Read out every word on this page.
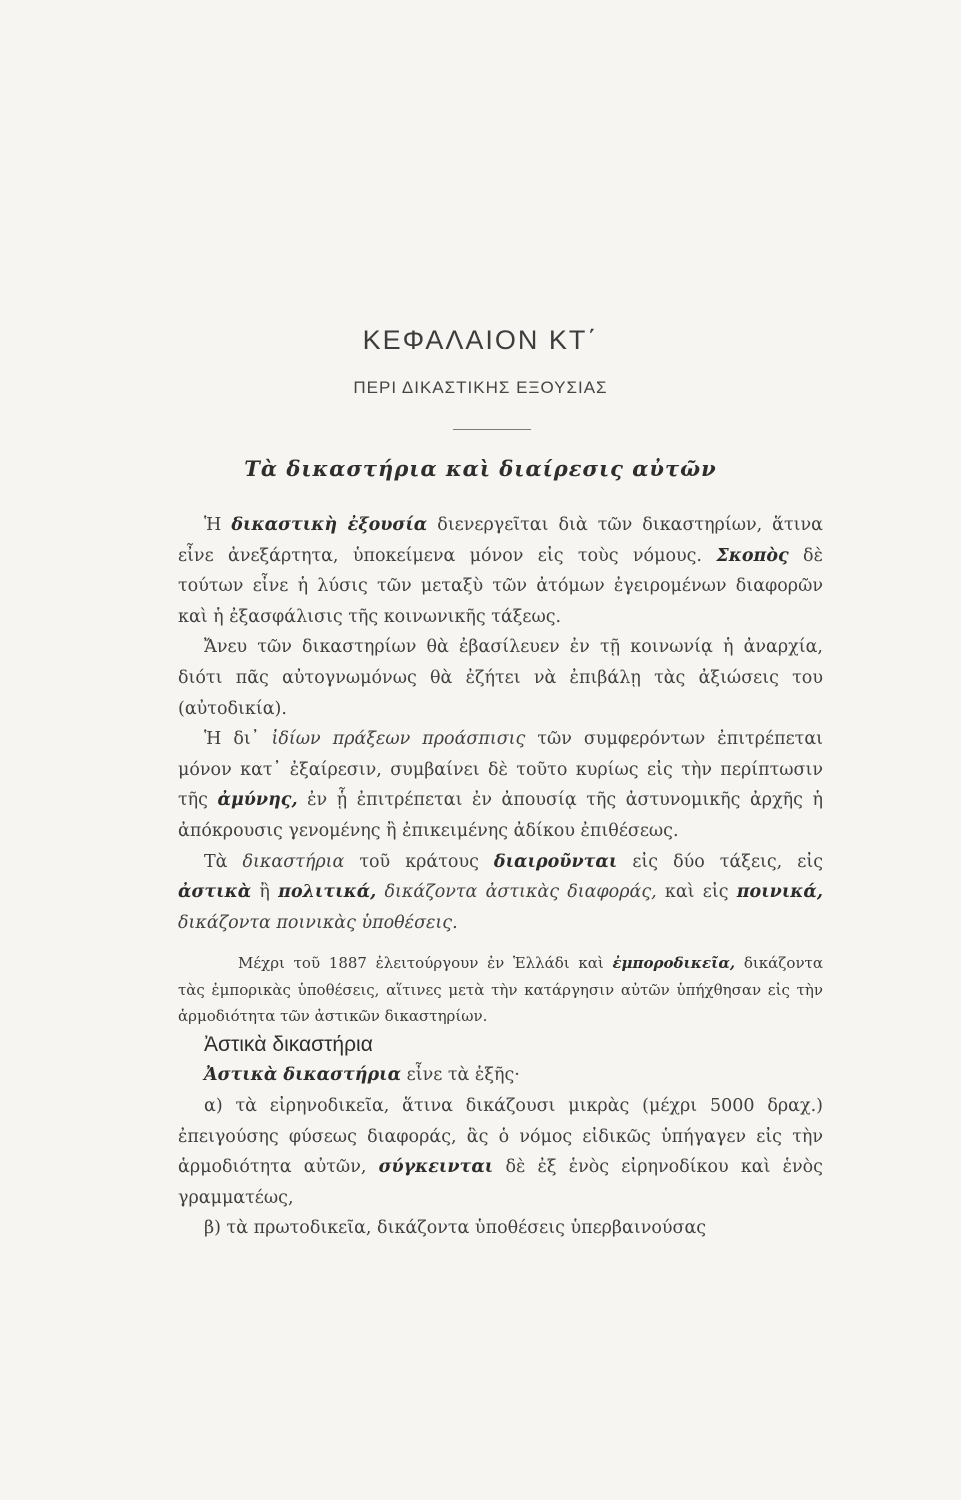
ΚΕΦΑΛΑΙΟΝ ΚΤ΄
ΠΕΡΙ ΔΙΚΑΣΤΙΚΗΣ ΕΞΟΥΣΙΑΣ
Τὰ δικαστήρια καὶ διαίρεσις αὐτῶν

Ἡ δικαστικὴ ἐξουσία διενεργεῖται διὰ τῶν δικαστηρίων, ἅτινα εἶνε ἀνεξάρτητα, ὑποκείμενα μόνον εἰς τοὺς νόμους. Σκοπὸς δὲ τούτων εἶνε ἡ λύσις τῶν μεταξὺ τῶν ἀτόμων ἐγειρομένων διαφορῶν καὶ ἡ ἐξασφάλισις τῆς κοινωνικῆς τάξεως.

Ἄνευ τῶν δικαστηρίων θὰ ἐβασίλευεν ἐν τῇ κοινωνίᾳ ἡ ἀναρχία, διότι πᾶς αὐτογνωμόνως θὰ ἐζήτει νὰ ἐπιβάλῃ τὰς ἀξιώσεις του (αὐτοδικία).

Ἡ δι᾽ ἰδίων πράξεων προάσπισις τῶν συμφερόντων ἐπιτρέπεται μόνον κατ᾽ ἐξαίρεσιν, συμβαίνει δὲ τοῦτο κυρίως εἰς τὴν περίπτωσιν τῆς ἀμύνης, ἐν ᾗ ἐπιτρέπεται ἐν ἀπουσίᾳ τῆς ἀστυνομικῆς ἀρχῆς ἡ ἀπόκρουσις γενομένης ἢ ἐπικειμένης ἀδίκου ἐπιθέσεως.

Τὰ δικαστήρια τοῦ κράτους διαιροῦνται εἰς δύο τάξεις, εἰς ἀστικὰ ἢ πολιτικά, δικάζοντα ἀστικὰς διαφοράς, καὶ εἰς ποινικά, δικάζοντα ποινικὰς ὑποθέσεις.

Μέχρι τοῦ 1887 ἐλειτούργουν ἐν Ἑλλάδι καὶ ἐμποροδικεῖα, δικάζοντα τὰς ἐμπορικὰς ὑποθέσεις, αἵτινες μετὰ τὴν κατάργησιν αὐτῶν ὑπήχθησαν εἰς τὴν ἁρμοδιότητα τῶν ἀστικῶν δικαστηρίων.

Ἀστικὰ δικαστήρια

Ἀστικὰ δικαστήρια εἶνε τὰ ἑξῆς·

α) τὰ εἰρηνοδικεῖα, ἅτινα δικάζουσι μικρὰς (μέχρι 5000 δραχ.) ἐπειγούσης φύσεως διαφοράς, ἃς ὁ νόμος εἰδικῶς ὑπήγαγεν εἰς τὴν ἁρμοδιότητα αὐτῶν, σύγκεινται δὲ ἐξ ἑνὸς εἰρηνοδίκου καὶ ἑνὸς γραμματέως,

β) τὰ πρωτοδικεῖα, δικάζοντα ὑποθέσεις ὑπερβαινούσας
